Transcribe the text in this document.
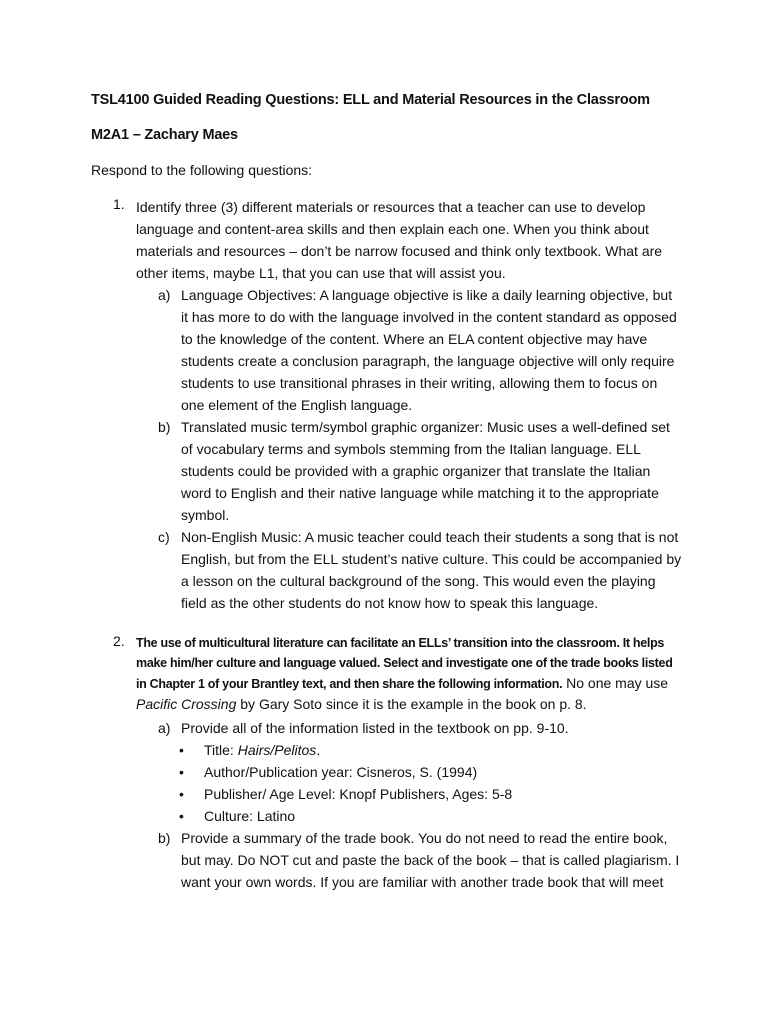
TSL4100 Guided Reading Questions: ELL and Material Resources in the Classroom
M2A1 – Zachary Maes
Respond to the following questions:
1. Identify three (3) different materials or resources that a teacher can use to develop language and content-area skills and then explain each one. When you think about materials and resources – don’t be narrow focused and think only textbook. What are other items, maybe L1, that you can use that will assist you.
a) Language Objectives: A language objective is like a daily learning objective, but it has more to do with the language involved in the content standard as opposed to the knowledge of the content. Where an ELA content objective may have students create a conclusion paragraph, the language objective will only require students to use transitional phrases in their writing, allowing them to focus on one element of the English language.
b) Translated music term/symbol graphic organizer: Music uses a well-defined set of vocabulary terms and symbols stemming from the Italian language. ELL students could be provided with a graphic organizer that translate the Italian word to English and their native language while matching it to the appropriate symbol.
c) Non-English Music: A music teacher could teach their students a song that is not English, but from the ELL student’s native culture. This could be accompanied by a lesson on the cultural background of the song. This would even the playing field as the other students do not know how to speak this language.
2. The use of multicultural literature can facilitate an ELLs’ transition into the classroom. It helps make him/her culture and language valued. Select and investigate one of the trade books listed in Chapter 1 of your Brantley text, and then share the following information. No one may use Pacific Crossing by Gary Soto since it is the example in the book on p. 8.
a) Provide all of the information listed in the textbook on pp. 9-10.
•	Title: Hairs/Pelitos.
•	Author/Publication year: Cisneros, S. (1994)
•	Publisher/ Age Level: Knopf Publishers, Ages: 5-8
•	Culture: Latino
b) Provide a summary of the trade book. You do not need to read the entire book, but may. Do NOT cut and paste the back of the book – that is called plagiarism. I want your own words. If you are familiar with another trade book that will meet
